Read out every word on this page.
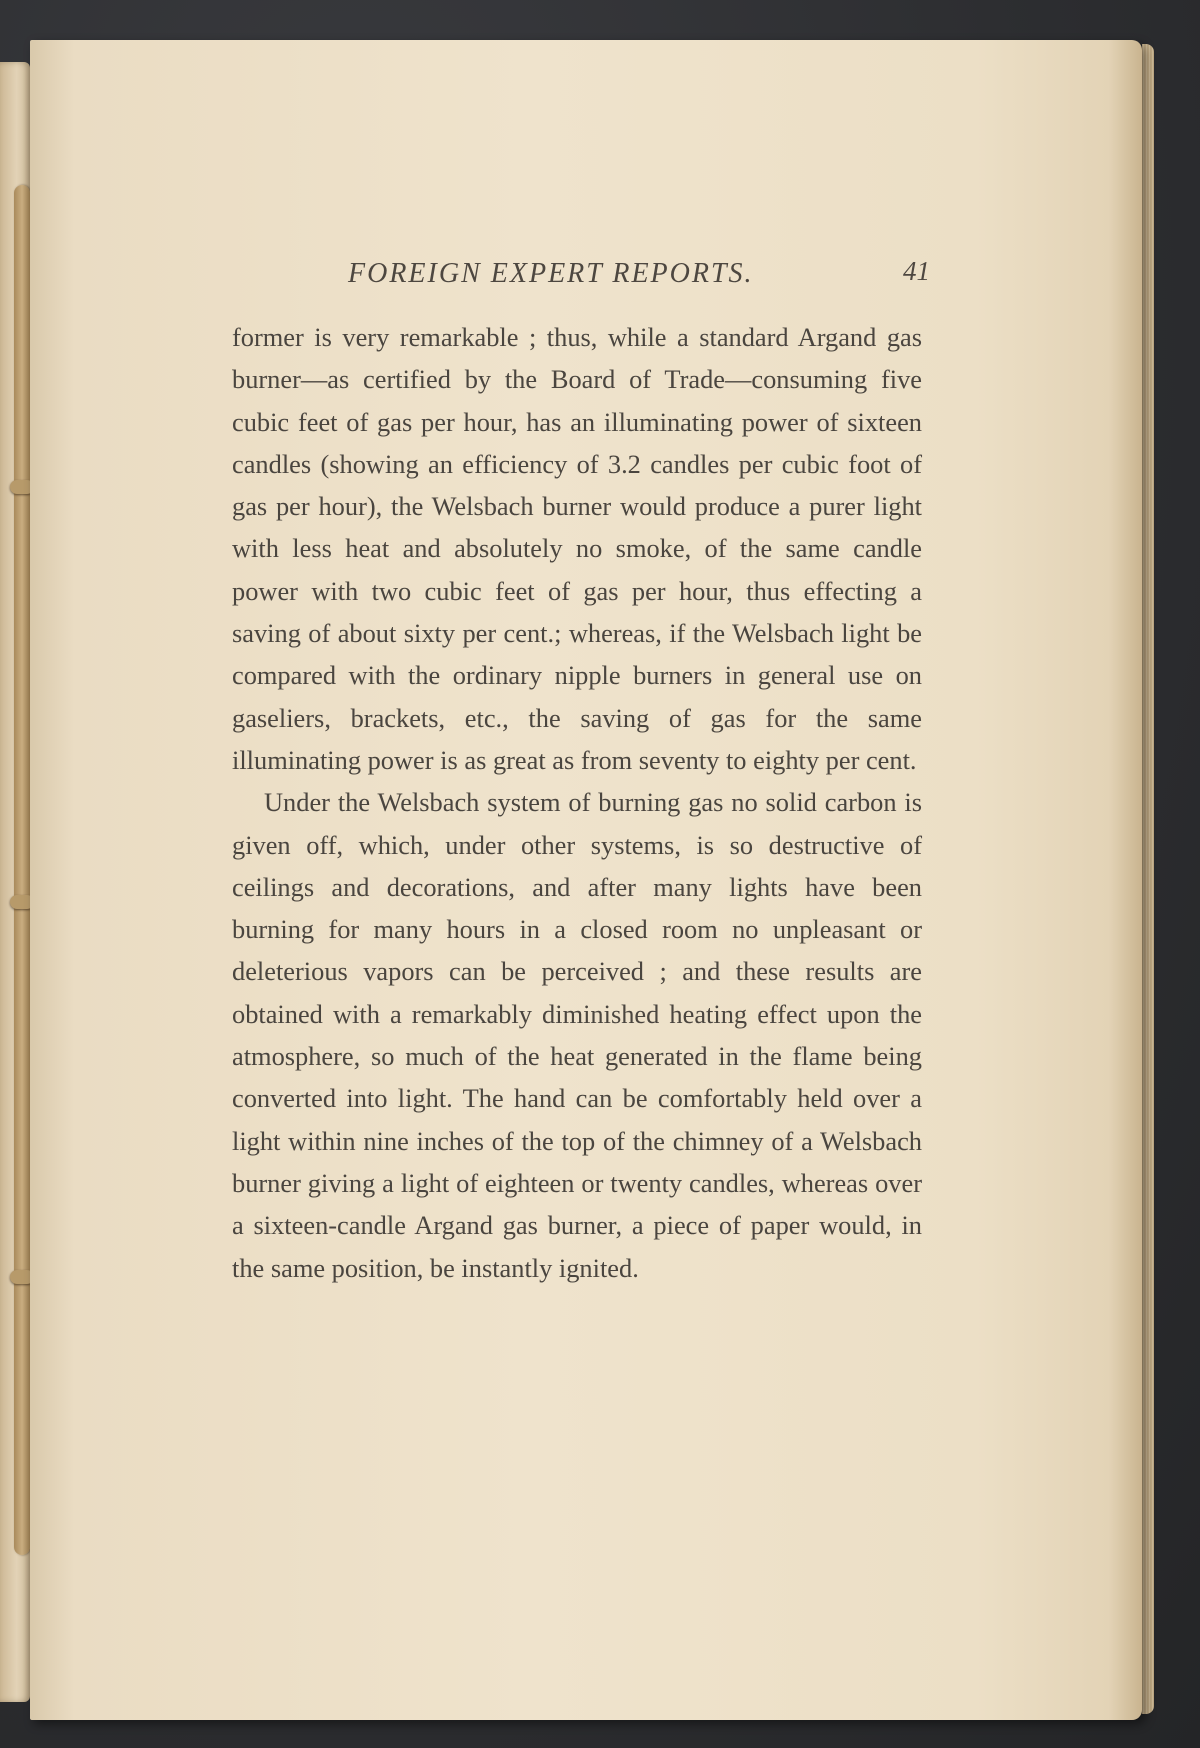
FOREIGN EXPERT REPORTS.	41

former is very remarkable ; thus, while a standard Argand gas burner—as certified by the Board of Trade—consuming five cubic feet of gas per hour, has an illuminating power of sixteen candles (showing an efficiency of 3.2 candles per cubic foot of gas per hour), the Welsbach burner would produce a purer light with less heat and absolutely no smoke, of the same candle power with two cubic feet of gas per hour, thus effecting a saving of about sixty per cent.; whereas, if the Welsbach light be compared with the ordinary nipple burners in general use on gaseliers, brackets, etc., the saving of gas for the same illuminating power is as great as from seventy to eighty per cent.

Under the Welsbach system of burning gas no solid carbon is given off, which, under other systems, is so destructive of ceilings and decorations, and after many lights have been burning for many hours in a closed room no unpleasant or deleterious vapors can be perceived ; and these results are obtained with a remarkably diminished heating effect upon the atmosphere, so much of the heat generated in the flame being converted into light. The hand can be comfortably held over a light within nine inches of the top of the chimney of a Welsbach burner giving a light of eighteen or twenty candles, whereas over a sixteen-candle Argand gas burner, a piece of paper would, in the same position, be instantly ignited.
